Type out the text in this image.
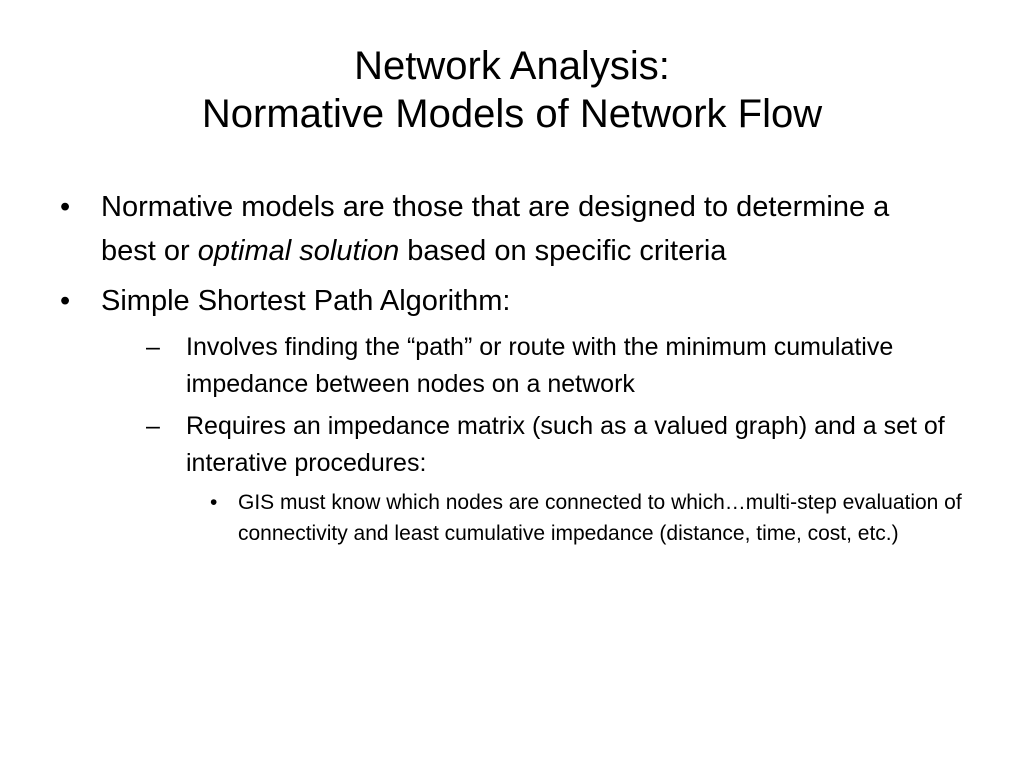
Network Analysis:
Normative Models of Network Flow
•	Normative models are those that are designed to determine a best or optimal solution based on specific criteria
•	Simple Shortest Path Algorithm:
–	Involves finding the “path” or route with the minimum cumulative impedance between nodes on a network
–	Requires an impedance matrix (such as a valued graph) and a set of interative procedures:
• GIS must know which nodes are connected to which…multi-step evaluation of connectivity and least cumulative impedance (distance, time, cost, etc.)
